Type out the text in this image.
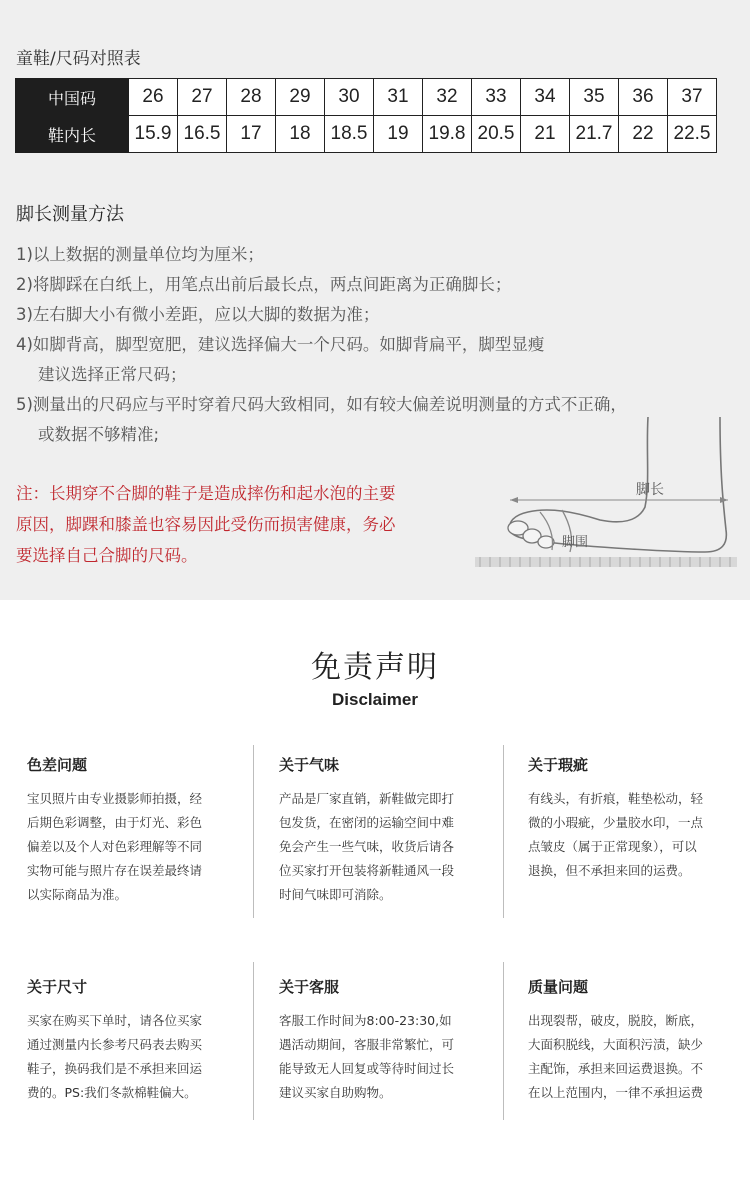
童鞋/尺码对照表
中国码	26	27	28	29	30	31	32	33	34	35	36	37
鞋内长	15.9	16.5	17	18	18.5	19	19.8	20.5	21	21.7	22	22.5
脚长测量方法
1)以上数据的测量单位均为厘米；
2)将脚踩在白纸上，用笔点出前后最长点，两点间距离为正确脚长；
3)左右脚大小有微小差距，应以大脚的数据为准；
4)如脚背高，脚型宽肥，建议选择偏大一个尺码。如脚背扁平，脚型显瘦
建议选择正常尺码；
5)测量出的尺码应与平时穿着尺码大致相同，如有较大偏差说明测量的方式不正确，
或数据不够精准;
注：长期穿不合脚的鞋子是造成摔伤和起水泡的主要
原因，脚踝和膝盖也容易因此受伤而损害健康，务必
要选择自己合脚的尺码。
脚长
脚围
免责声明
Disclaimer
色差问题
宝贝照片由专业摄影师拍摄，经
后期色彩调整，由于灯光、彩色
偏差以及个人对色彩理解等不同
实物可能与照片存在误差最终请
以实际商品为准。
关于气味
产品是厂家直销，新鞋做完即打
包发货，在密闭的运输空间中难
免会产生一些气味，收货后请各
位买家打开包装将新鞋通风一段
时间气味即可消除。
关于瑕疵
有线头，有折痕，鞋垫松动，轻
微的小瑕疵，少量胶水印，一点
点皱皮（属于正常现象），可以
退换，但不承担来回的运费。
关于尺寸
买家在购买下单时，请各位买家
通过测量内长参考尺码表去购买
鞋子，换码我们是不承担来回运
费的。PS:我们冬款棉鞋偏大。
关于客服
客服工作时间为8:00-23:30,如
遇活动期间，客服非常繁忙，可
能导致无人回复或等待时间过长
建议买家自助购物。
质量问题
出现裂帮，破皮，脱胶，断底，
大面积脱线，大面积污渍，缺少
主配饰，承担来回运费退换。不
在以上范围内，一律不承担运费
